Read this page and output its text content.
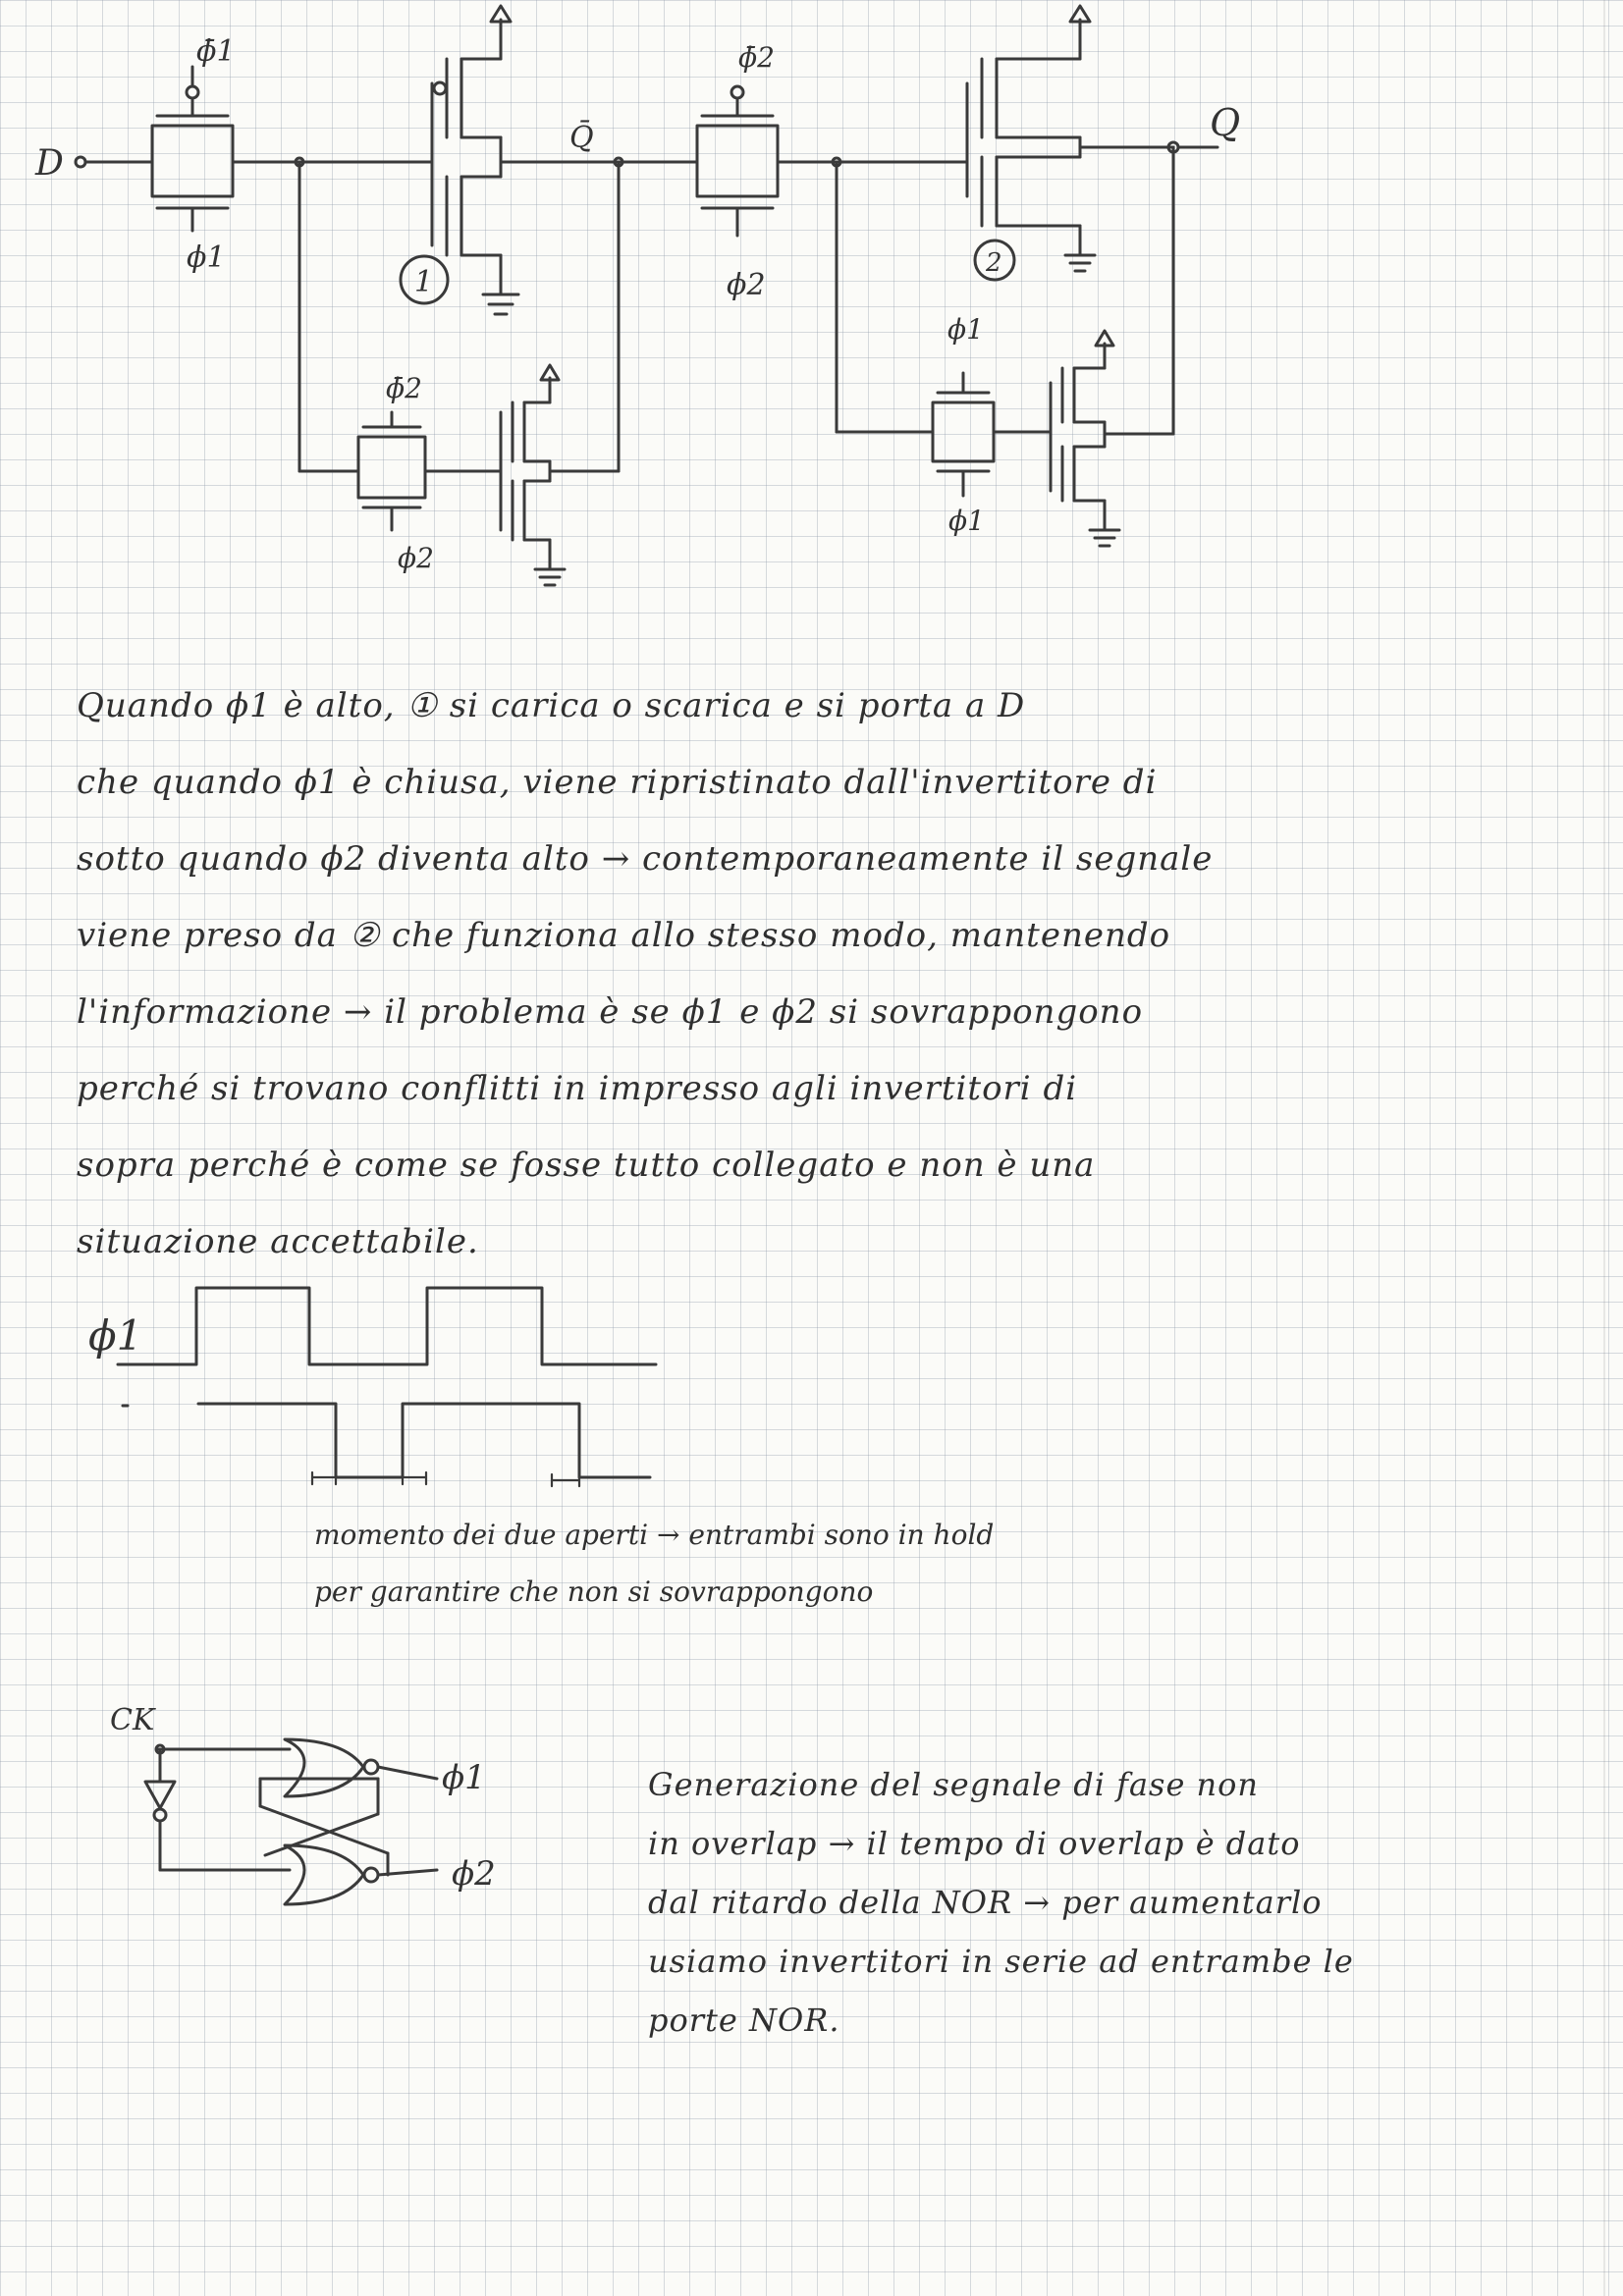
D
ϕ̄1
ϕ1
Q̄
1
ϕ̄2
ϕ2
ϕ̄2
ϕ2
Q
2
ϕ1
ϕ1
Quando ϕ1 è alto, ① si carica o scarica e si porta a D
che quando ϕ1 è chiusa, viene ripristinato dall'invertitore di
sotto quando ϕ2 diventa alto → contemporaneamente il segnale
viene preso da ② che funziona allo stesso modo, mantenendo
l'informazione → il problema è se ϕ1 e ϕ2 si sovrappongono
perché si trovano conflitti in impresso agli invertitori di
sopra perché è come se fosse tutto collegato e non è una
situazione accettabile.
ϕ1
momento dei due aperti → entrambi sono in hold
per garantire che non si sovrappongono
CK
ϕ1
ϕ2
Generazione del segnale di fase non
in overlap → il tempo di overlap è dato
dal ritardo della NOR → per aumentarlo
usiamo invertitori in serie ad entrambe le
porte NOR.
